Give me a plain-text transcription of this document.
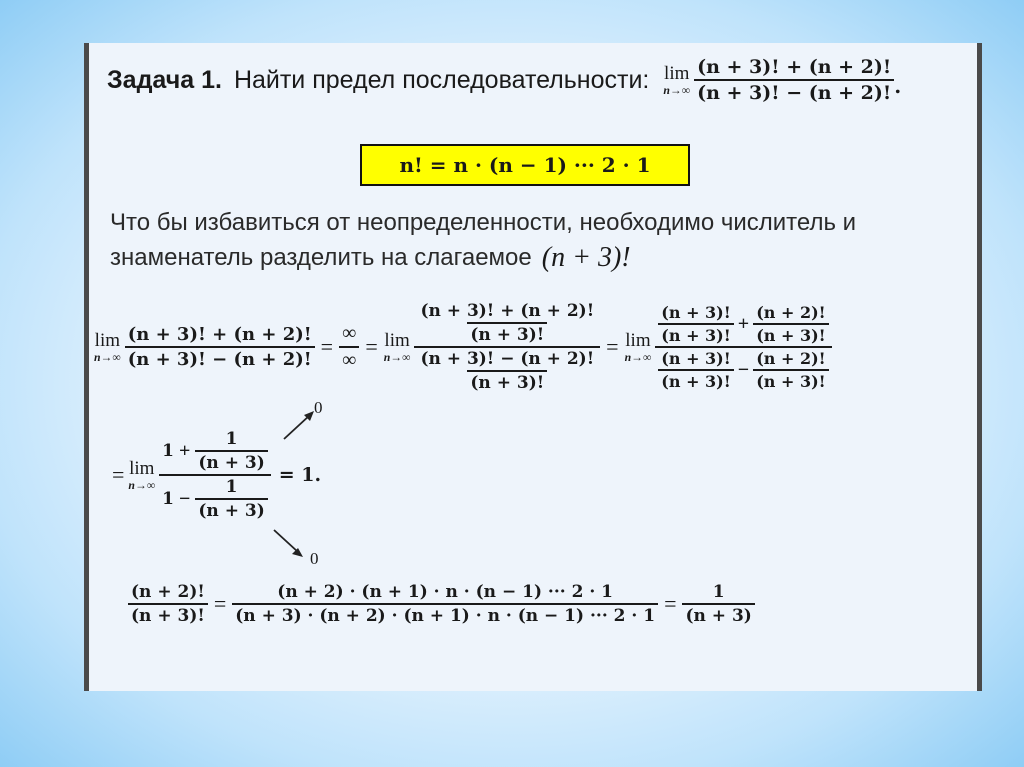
Задача 1. Найти предел последовательности: lim
$n\to\infty \frac{(n + 3)! + (n + 2)!}{(n + 3)! - (n + 2)!}$ .
n! = n · (n − 1) ··· 2 · 1
Что бы избавиться от неопределенности, необходимо числитель и
знаменатель разделить на слагаемое (n + 3)!
lim
$n\to\infty \frac{(n + 3)! + (n + 2)!}{(n + 3)! - (n + 2)!} = \frac{\infty}{\infty} = \lim$
$n\to\infty \frac{\frac{(n + 3)! + (n + 2)!}{(n + 3)!}}{\frac{(n + 3)! - (n + 2)!}{(n + 3)!}} = \lim$
n→∞
$\frac{(n + 3)!}{(n + 3)!} + \frac{(n + 2)!}{(n + 3)!}$
$\frac{(n + 3)!}{(n + 3)!} - \frac{(n + 2)!}{(n + 3)!}$
= lim
$n\to\infty \frac{1 + \frac{1}{(n + 3)}}{1 - \frac{1}{(n + 3)}} = 1$.
0
0
$\frac{(n + 2)!}{(n + 3)!} = \frac{(n + 2) \cdot (n + 1) \cdot n \cdot (n - 1) \cdot\cdot\cdot 2 \cdot 1}{(n + 3) \cdot (n + 2) \cdot (n + 1) \cdot n \cdot (n - 1) \cdot\cdot\cdot 2 \cdot 1} = \frac{1}{(n + 3)}$
